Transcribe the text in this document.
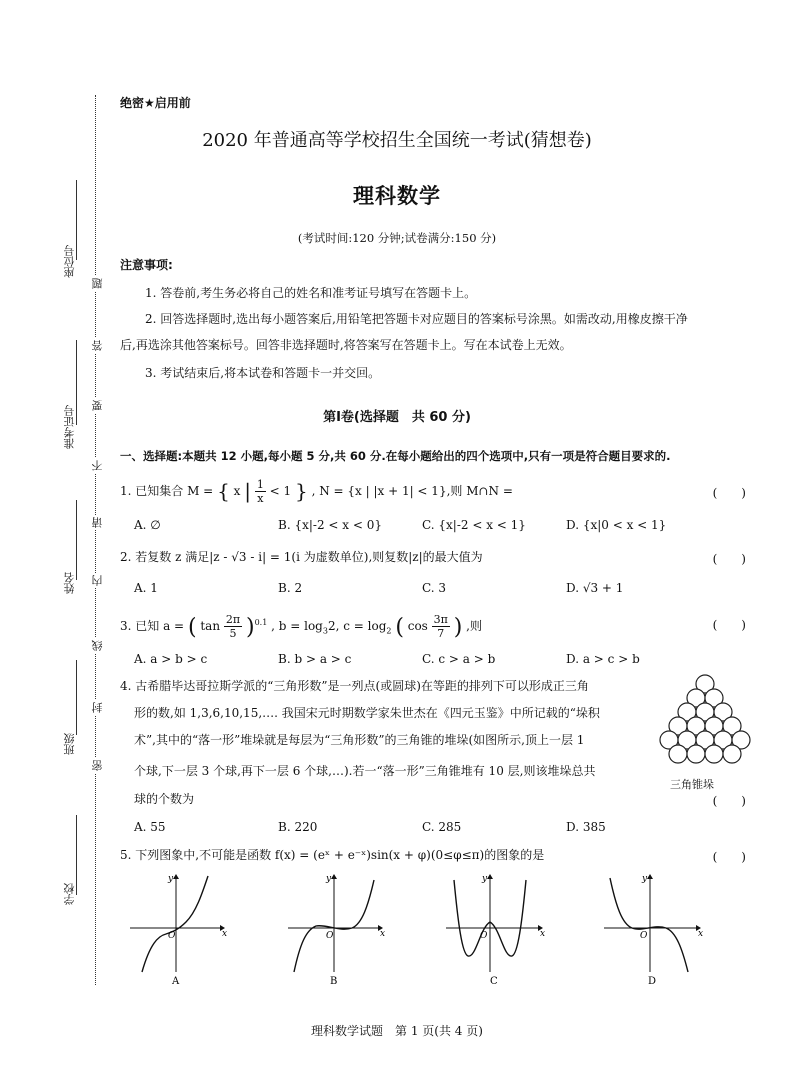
座位号
准考证号
姓名
班级
学校
题
答
要
不
请
内
线
封
密
绝密★启用前
2020 年普通高等学校招生全国统一考试(猜想卷)
理科数学
(考试时间:120 分钟;试卷满分:150 分)
注意事项:
1. 答卷前,考生务必将自己的姓名和准考证号填写在答题卡上。
2. 回答选择题时,选出每小题答案后,用铅笔把答题卡对应题目的答案标号涂黑。如需改动,用橡皮擦干净
后,再选涂其他答案标号。回答非选择题时,将答案写在答题卡上。写在本试卷上无效。
3. 考试结束后,将本试卷和答题卡一并交回。
第Ⅰ卷(选择题　共 60 分)
一、选择题:本题共 12 小题,每小题 5 分,共 60 分.在每小题给出的四个选项中,只有一项是符合题目要求的.
1. 已知集合 M = { x | $\frac{1}{x} < 1$ } , N = {x | |x + 1| < 1},则 M∩N =	(　　)
A. ∅	B. {x|-2 < x < 0}	C. {x|-2 < x < 1}	D. {x|0 < x < 1}
2. 若复数 z 满足|z - √3 - i| = 1(i 为虚数单位),则复数|z|的最大值为	(　　)
A. 1	B. 2	C. 3	D. √3 + 1
3. 已知 a = ( $\tan \frac{2\pi}{5} )^{0.1}$ , $b = \log_32$, $c = \log_2$ ( $\cos \frac{3\pi}{7}$ ) ,则	(　　)
A. a > b > c	B. b > a > c	C. c > a > b	D. a > c > b
4. 古希腊毕达哥拉斯学派的“三角形数”是一列点(或圆球)在等距的排列下可以形成正三角
形的数,如 1,3,6,10,15,…. 我国宋元时期数学家朱世杰在《四元玉鉴》中所记载的“垛积
术”,其中的“落一形”堆垛就是每层为“三角形数”的三角锥的堆垛(如图所示,顶上一层 1
个球,下一层 3 个球,再下一层 6 个球,…).若一“落一形”三角锥堆有 10 层,则该堆垛总共
球的个数为	(　　)
三角锥垛
A. 55	B. 220	C. 285	D. 385
5. 下列图象中,不可能是函数 f(x) = (eˣ + e⁻ˣ)sin(x + φ)(0≤φ≤π)的图象的是	(　　)
x
y
O
A
x
y
O
B
x
y
O
C
x
y
O
D
理科数学试题　第 1 页(共 4 页)
